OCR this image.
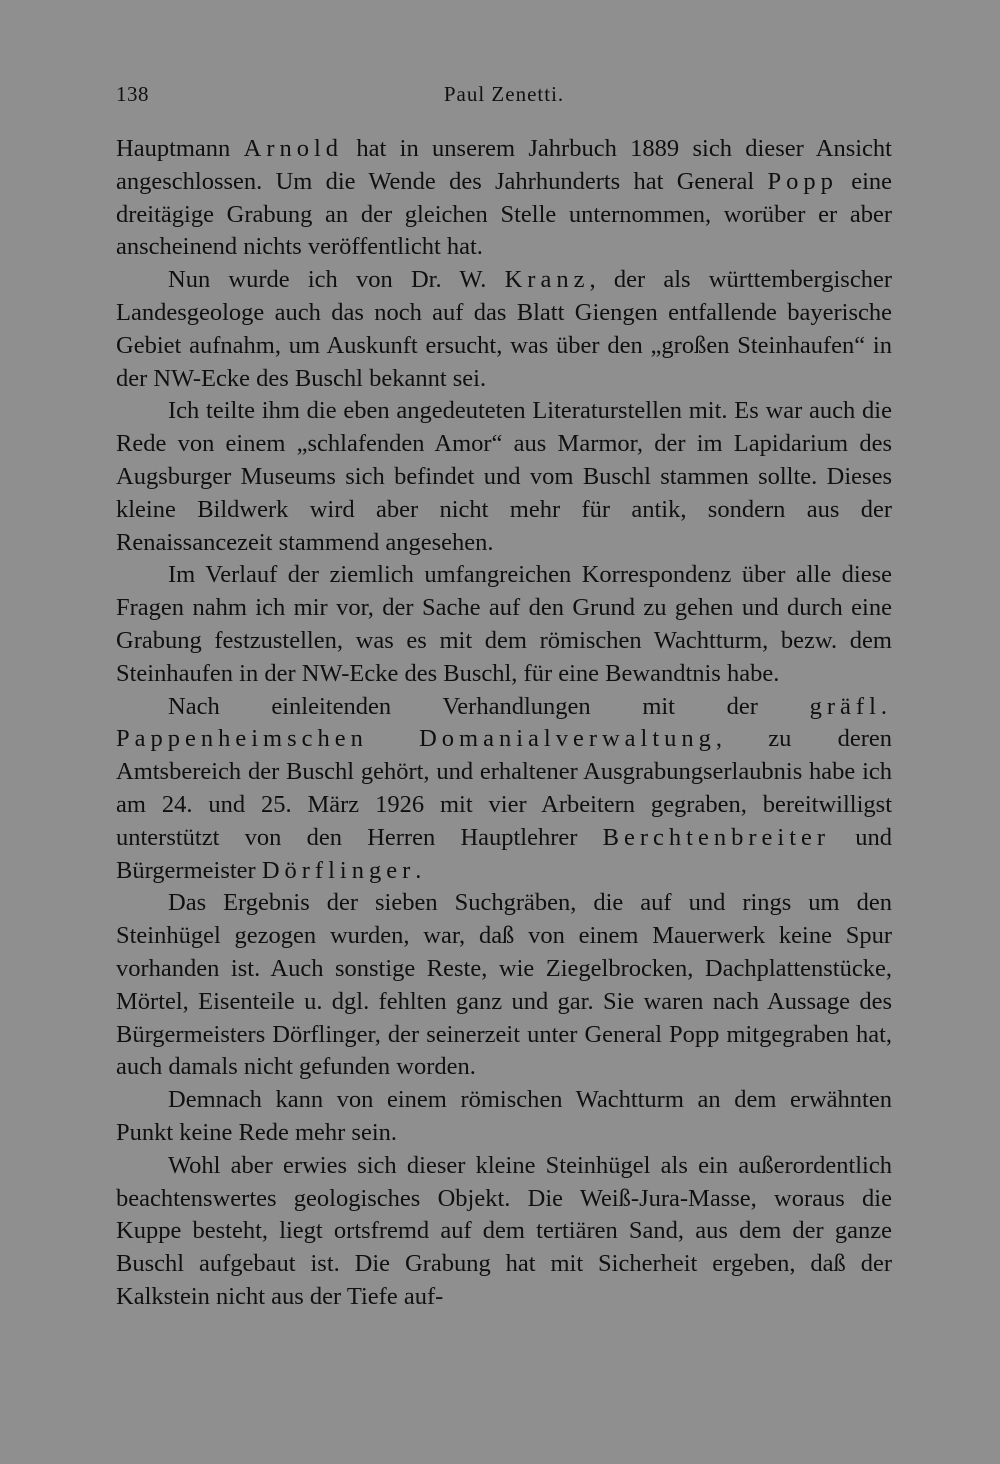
138	Paul Zenetti.

Hauptmann Arnold hat in unserem Jahrbuch 1889 sich dieser Ansicht angeschlossen. Um die Wende des Jahrhunderts hat General Popp eine dreitägige Grabung an der gleichen Stelle unternommen, worüber er aber anscheinend nichts veröffentlicht hat.

Nun wurde ich von Dr. W. Kranz, der als württembergischer Landesgeologe auch das noch auf das Blatt Giengen entfallende bayerische Gebiet aufnahm, um Auskunft ersucht, was über den „großen Steinhaufen“ in der NW-Ecke des Buschl bekannt sei.

Ich teilte ihm die eben angedeuteten Literaturstellen mit. Es war auch die Rede von einem „schlafenden Amor“ aus Marmor, der im Lapidarium des Augsburger Museums sich befindet und vom Buschl stammen sollte. Dieses kleine Bildwerk wird aber nicht mehr für antik, sondern aus der Renaissancezeit stammend angesehen.

Im Verlauf der ziemlich umfangreichen Korrespondenz über alle diese Fragen nahm ich mir vor, der Sache auf den Grund zu gehen und durch eine Grabung festzustellen, was es mit dem römischen Wachtturm, bezw. dem Steinhaufen in der NW-Ecke des Buschl, für eine Bewandtnis habe.

Nach einleitenden Verhandlungen mit der gräfl. Pappenheimschen Domanialverwaltung, zu deren Amtsbereich der Buschl gehört, und erhaltener Ausgrabungserlaubnis habe ich am 24. und 25. März 1926 mit vier Arbeitern gegraben, bereitwilligst unterstützt von den Herren Hauptlehrer Berchtenbreiter und Bürgermeister Dörflinger.

Das Ergebnis der sieben Suchgräben, die auf und rings um den Steinhügel gezogen wurden, war, daß von einem Mauerwerk keine Spur vorhanden ist. Auch sonstige Reste, wie Ziegelbrocken, Dachplattenstücke, Mörtel, Eisenteile u. dgl. fehlten ganz und gar. Sie waren nach Aussage des Bürgermeisters Dörflinger, der seinerzeit unter General Popp mitgegraben hat, auch damals nicht gefunden worden.

Demnach kann von einem römischen Wachtturm an dem erwähnten Punkt keine Rede mehr sein.

Wohl aber erwies sich dieser kleine Steinhügel als ein außerordentlich beachtenswertes geologisches Objekt. Die Weiß-Jura-Masse, woraus die Kuppe besteht, liegt ortsfremd auf dem tertiären Sand, aus dem der ganze Buschl aufgebaut ist. Die Grabung hat mit Sicherheit ergeben, daß der Kalkstein nicht aus der Tiefe auf-
